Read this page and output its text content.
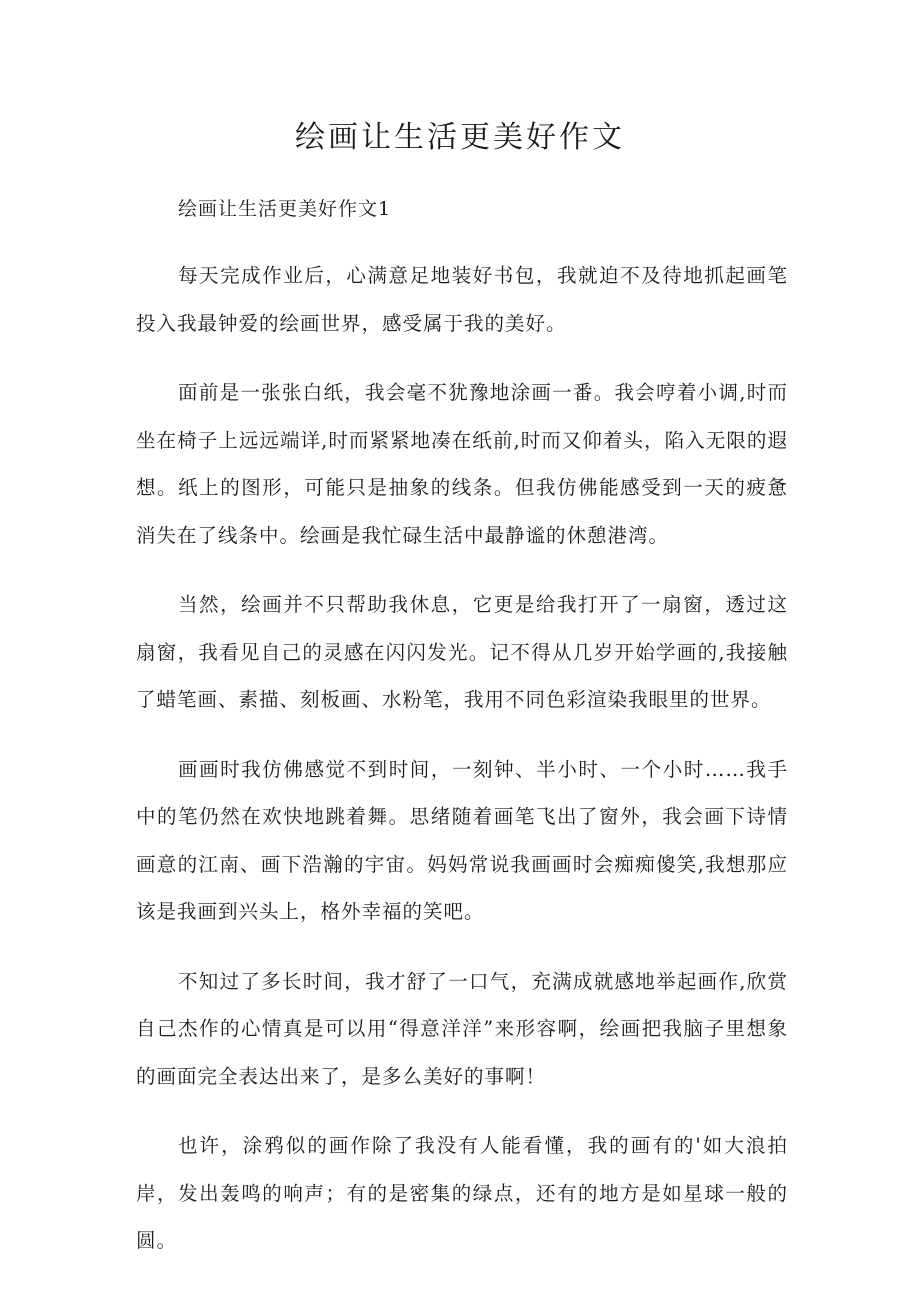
绘画让生活更美好作文

绘画让生活更美好作文1

每天完成作业后，心满意足地装好书包，我就迫不及待地抓起画笔投入我最钟爱的绘画世界，感受属于我的美好。

面前是一张张白纸，我会毫不犹豫地涂画一番。我会哼着小调,时而坐在椅子上远远端详,时而紧紧地凑在纸前,时而又仰着头，陷入无限的遐想。纸上的图形，可能只是抽象的线条。但我仿佛能感受到一天的疲惫消失在了线条中。绘画是我忙碌生活中最静谧的休憩港湾。

当然，绘画并不只帮助我休息，它更是给我打开了一扇窗，透过这扇窗，我看见自己的灵感在闪闪发光。记不得从几岁开始学画的,我接触了蜡笔画、素描、刻板画、水粉笔，我用不同色彩渲染我眼里的世界。

画画时我仿佛感觉不到时间，一刻钟、半小时、一个小时……我手中的笔仍然在欢快地跳着舞。思绪随着画笔飞出了窗外，我会画下诗情画意的江南、画下浩瀚的宇宙。妈妈常说我画画时会痴痴傻笑,我想那应该是我画到兴头上，格外幸福的笑吧。

不知过了多长时间，我才舒了一口气，充满成就感地举起画作,欣赏自己杰作的心情真是可以用“得意洋洋”来形容啊，绘画把我脑子里想象的画面完全表达出来了，是多么美好的事啊！

也许，涂鸦似的画作除了我没有人能看懂，我的画有的'如大浪拍岸，发出轰鸣的响声；有的是密集的绿点，还有的地方是如星球一般的圆。
